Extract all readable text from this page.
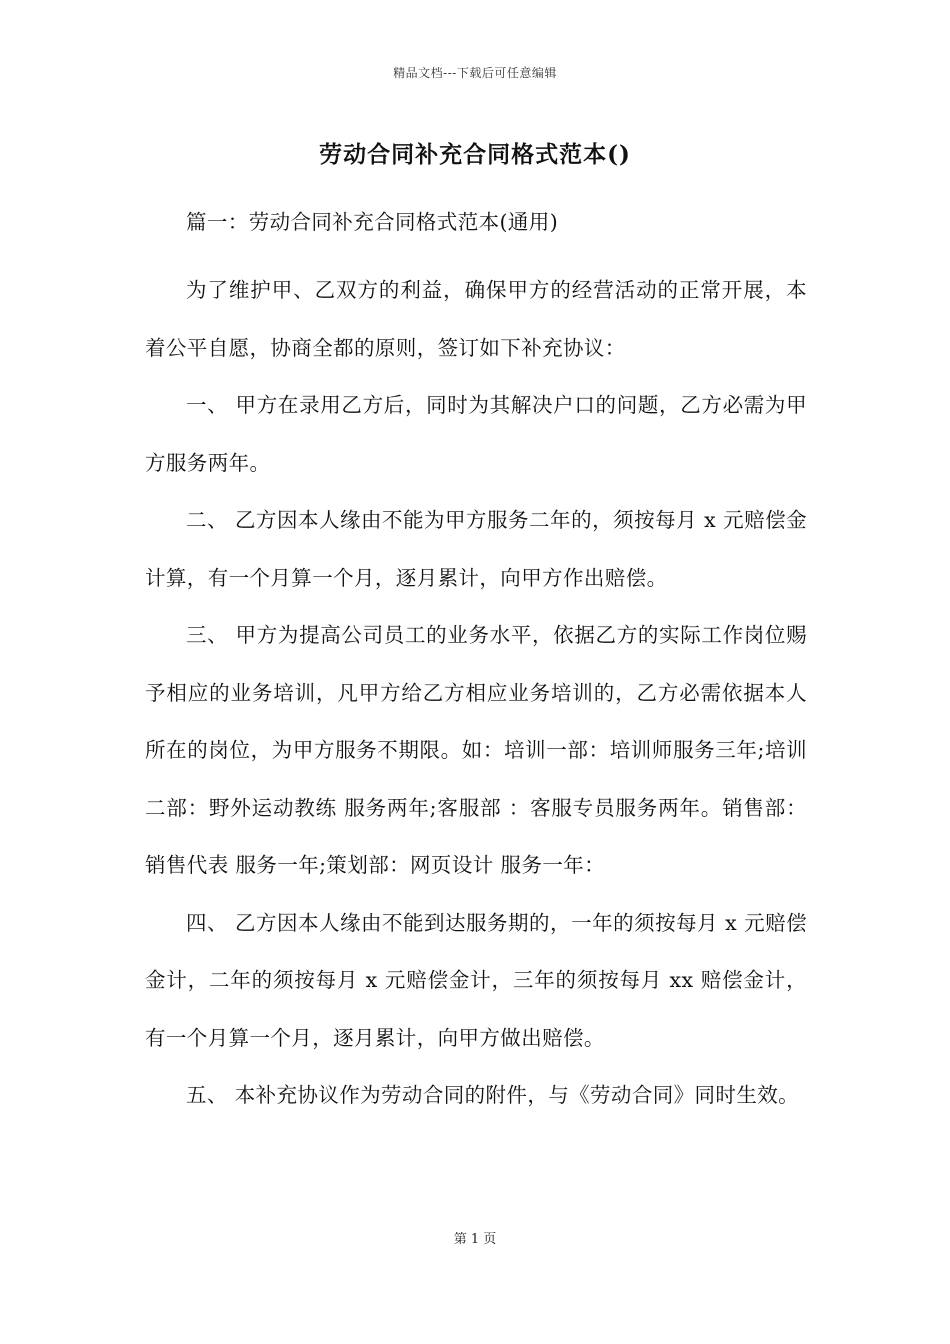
精品文档---下载后可任意编辑
劳动合同补充合同格式范本()

篇一：劳动合同补充合同格式范本(通用)

为了维护甲、乙双方的利益，确保甲方的经营活动的正常开展，本着公平自愿，协商全都的原则，签订如下补充协议：

一、 甲方在录用乙方后，同时为其解决户口的问题，乙方必需为甲方服务两年。

二、 乙方因本人缘由不能为甲方服务二年的，须按每月 x 元赔偿金计算，有一个月算一个月，逐月累计，向甲方作出赔偿。

三、 甲方为提高公司员工的业务水平，依据乙方的实际工作岗位赐予相应的业务培训，凡甲方给乙方相应业务培训的，乙方必需依据本人所在的岗位，为甲方服务不期限。如：培训一部：培训师服务三年;培训二部：野外运动教练 服务两年;客服部 ：客服专员服务两年。销售部：销售代表 服务一年;策划部：网页设计 服务一年：

四、 乙方因本人缘由不能到达服务期的，一年的须按每月 x 元赔偿金计，二年的须按每月 x 元赔偿金计，三年的须按每月 xx 赔偿金计，有一个月算一个月，逐月累计，向甲方做出赔偿。

五、 本补充协议作为劳动合同的附件，与《劳动合同》同时生效。

第 1 页
